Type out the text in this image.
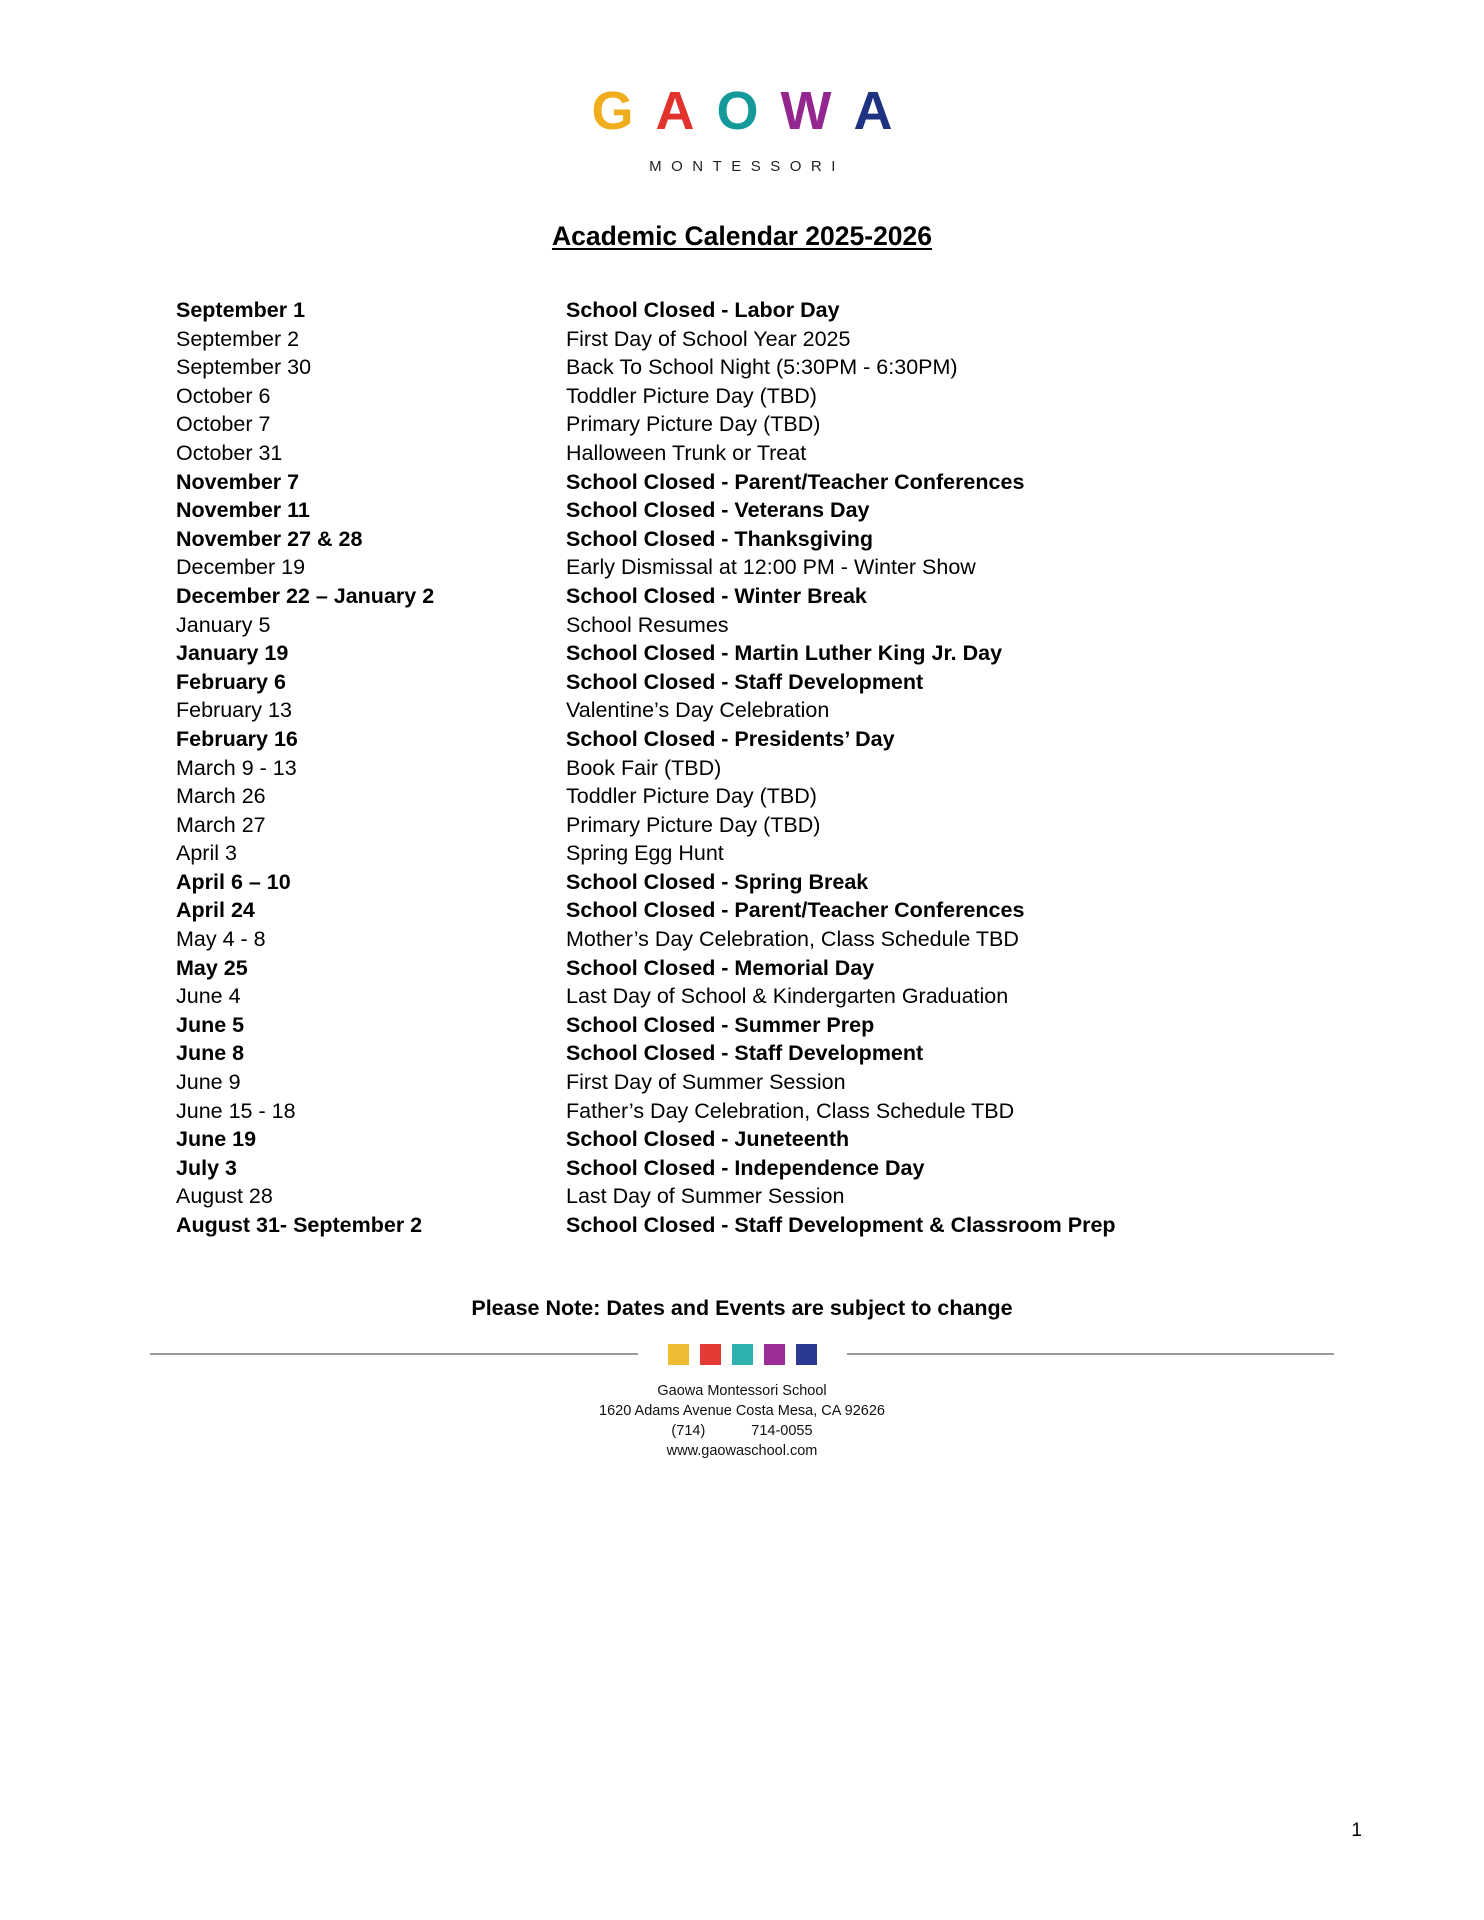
GAOWA
MONTESSORI
Academic Calendar 2025-2026
September 1	School Closed - Labor Day
September 2	First Day of School Year 2025
September 30	Back To School Night (5:30PM - 6:30PM)
October 6	Toddler Picture Day (TBD)
October 7	Primary Picture Day (TBD)
October 31	Halloween Trunk or Treat
November 7	School Closed - Parent/Teacher Conferences
November 11	School Closed - Veterans Day
November 27 & 28	School Closed - Thanksgiving
December 19	Early Dismissal at 12:00 PM - Winter Show
December 22 – January 2	School Closed - Winter Break
January 5	School Resumes
January 19	School Closed - Martin Luther King Jr. Day
February 6	School Closed - Staff Development
February 13	Valentine’s Day Celebration
February 16	School Closed - Presidents’ Day
March 9 - 13	Book Fair (TBD)
March 26	Toddler Picture Day (TBD)
March 27	Primary Picture Day (TBD)
April 3	Spring Egg Hunt
April 6 – 10	School Closed - Spring Break
April 24	School Closed - Parent/Teacher Conferences
May 4 - 8	Mother’s Day Celebration, Class Schedule TBD
May 25	School Closed - Memorial Day
June 4	Last Day of School & Kindergarten Graduation
June 5	School Closed - Summer Prep
June 8	School Closed - Staff Development
June 9	First Day of Summer Session
June 15 - 18	Father’s Day Celebration, Class Schedule TBD
June 19	School Closed - Juneteenth
July 3	School Closed - Independence Day
August 28	Last Day of Summer Session
August 31- September 2	School Closed - Staff Development & Classroom Prep
Please Note: Dates and Events are subject to change
Gaowa Montessori School
1620 Adams Avenue Costa Mesa, CA 92626
(714)	714-0055
www.gaowaschool.com
1
